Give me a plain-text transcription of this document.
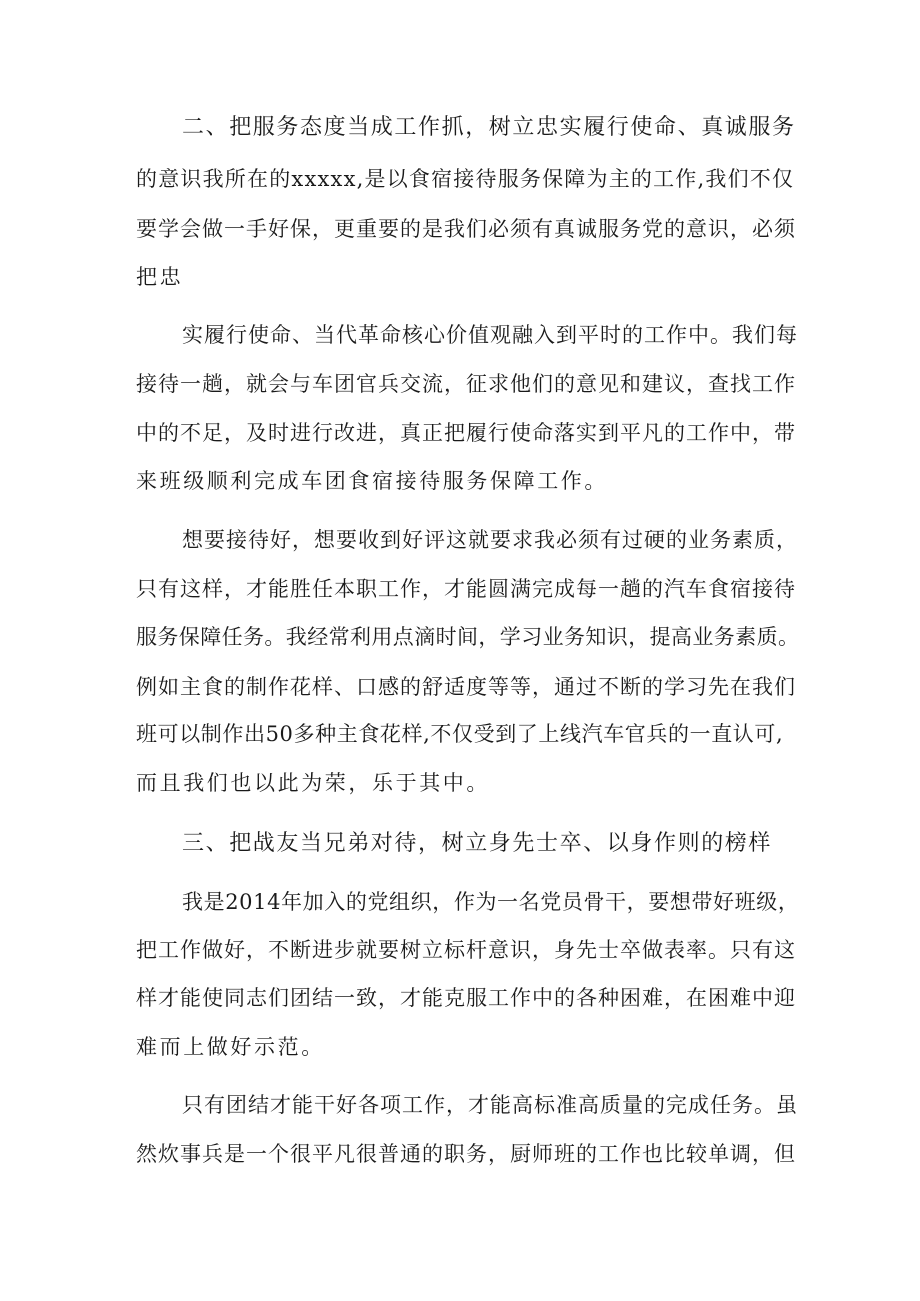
二、把服务态度当成工作抓，树立忠实履行使命、真诚服务
的意识我所在的xxxxx,是以食宿接待服务保障为主的工作,我们不仅
要学会做一手好保，更重要的是我们必须有真诚服务党的意识，必须
把忠
实履行使命、当代革命核心价值观融入到平时的工作中。我们每
接待一趟，就会与车团官兵交流，征求他们的意见和建议，查找工作
中的不足，及时进行改进，真正把履行使命落实到平凡的工作中，带
来班级顺利完成车团食宿接待服务保障工作。
想要接待好，想要收到好评这就要求我必须有过硬的业务素质，
只有这样，才能胜任本职工作，才能圆满完成每一趟的汽车食宿接待
服务保障任务。我经常利用点滴时间，学习业务知识，提高业务素质。
例如主食的制作花样、口感的舒适度等等，通过不断的学习先在我们
班可以制作出50多种主食花样,不仅受到了上线汽车官兵的一直认可,
而且我们也以此为荣，乐于其中。
三、把战友当兄弟对待，树立身先士卒、以身作则的榜样
我是2014年加入的党组织，作为一名党员骨干，要想带好班级，
把工作做好，不断进步就要树立标杆意识，身先士卒做表率。只有这
样才能使同志们团结一致，才能克服工作中的各种困难，在困难中迎
难而上做好示范。
只有团结才能干好各项工作，才能高标准高质量的完成任务。虽
然炊事兵是一个很平凡很普通的职务，厨师班的工作也比较单调，但
